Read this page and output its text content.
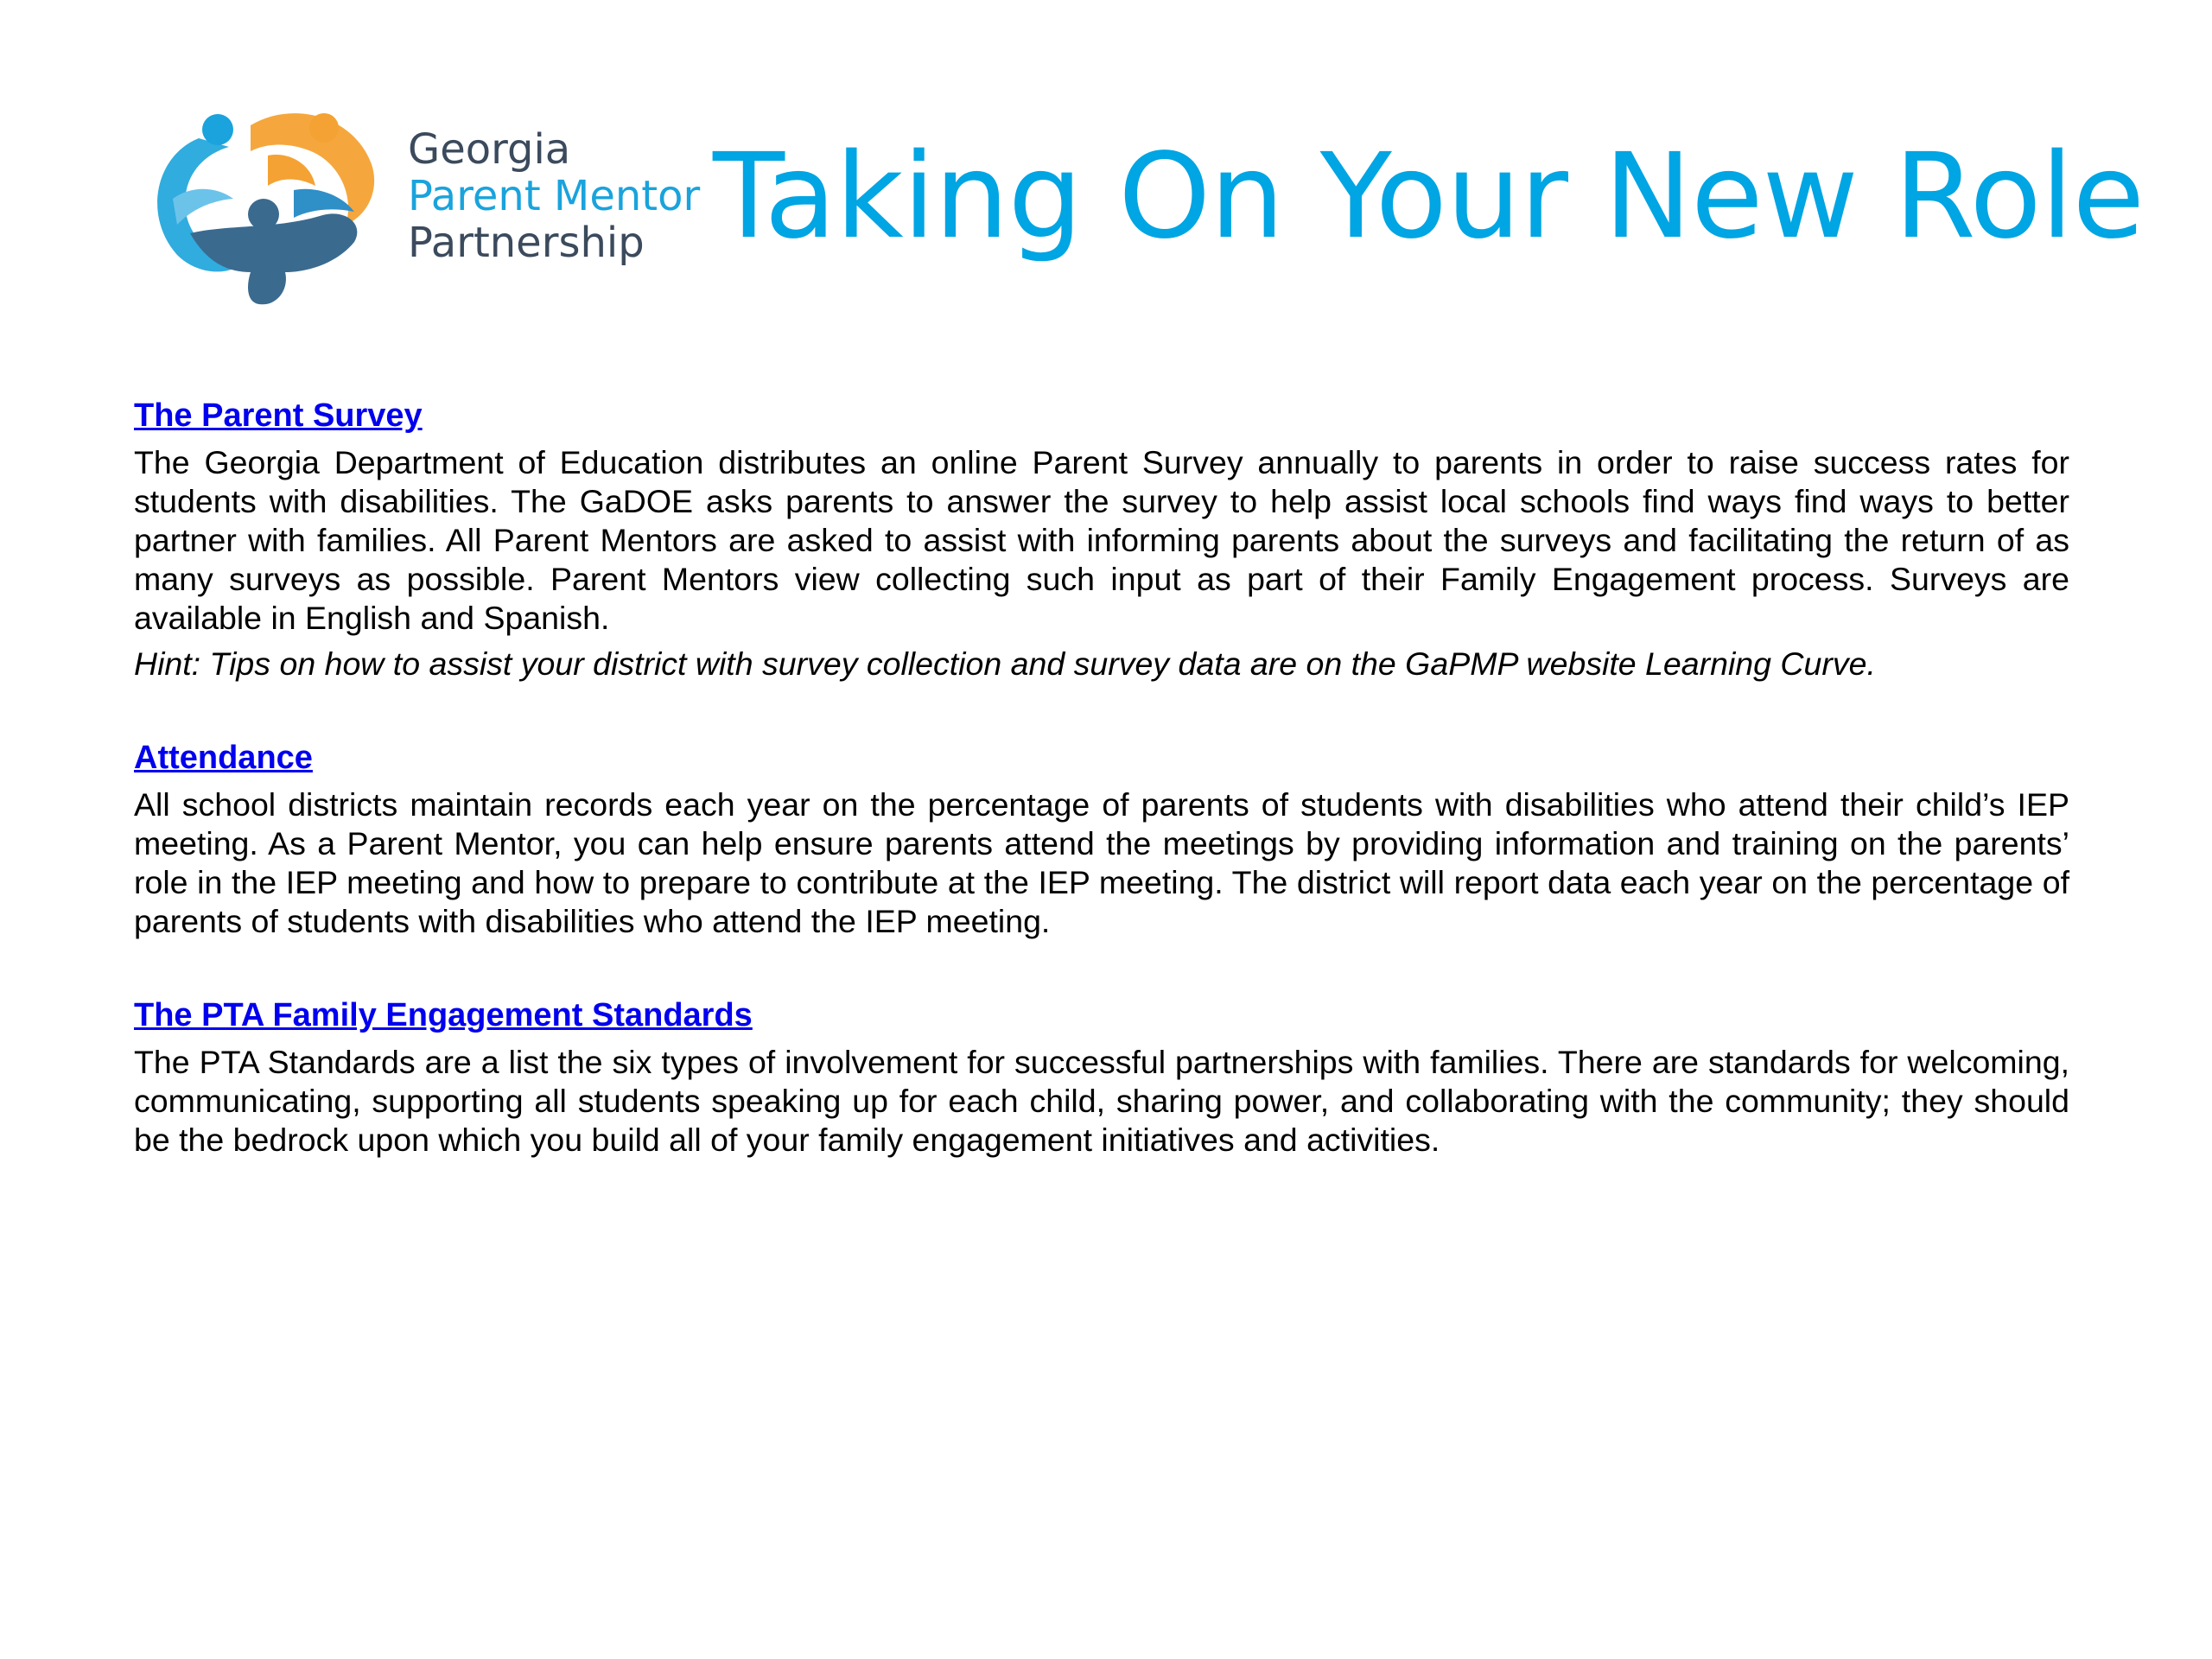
Georgia
Parent Mentor
Partnership Taking On Your New Role
The Parent Survey

The Georgia Department of Education distributes an online Parent Survey annually to parents in order to raise success rates for students with disabilities. The GaDOE asks parents to answer the survey to help assist local schools find ways find ways to better partner with families. All Parent Mentors are asked to assist with informing parents about the surveys and facilitating the return of as many surveys as possible. Parent Mentors view collecting such input as part of their Family Engagement process. Surveys are available in English and Spanish.

Hint: Tips on how to assist your district with survey collection and survey data are on the GaPMP website Learning Curve.

Attendance

All school districts maintain records each year on the percentage of parents of students with disabilities who attend their child’s IEP meeting. As a Parent Mentor, you can help ensure parents attend the meetings by providing information and training on the parents’ role in the IEP meeting and how to prepare to contribute at the IEP meeting. The district will report data each year on the percentage of parents of students with disabilities who attend the IEP meeting.

The PTA Family Engagement Standards

The PTA Standards are a list the six types of involvement for successful partnerships with families. There are standards for welcoming, communicating, supporting all students speaking up for each child, sharing power, and collaborating with the community; they should be the bedrock upon which you build all of your family engagement initiatives and activities.
